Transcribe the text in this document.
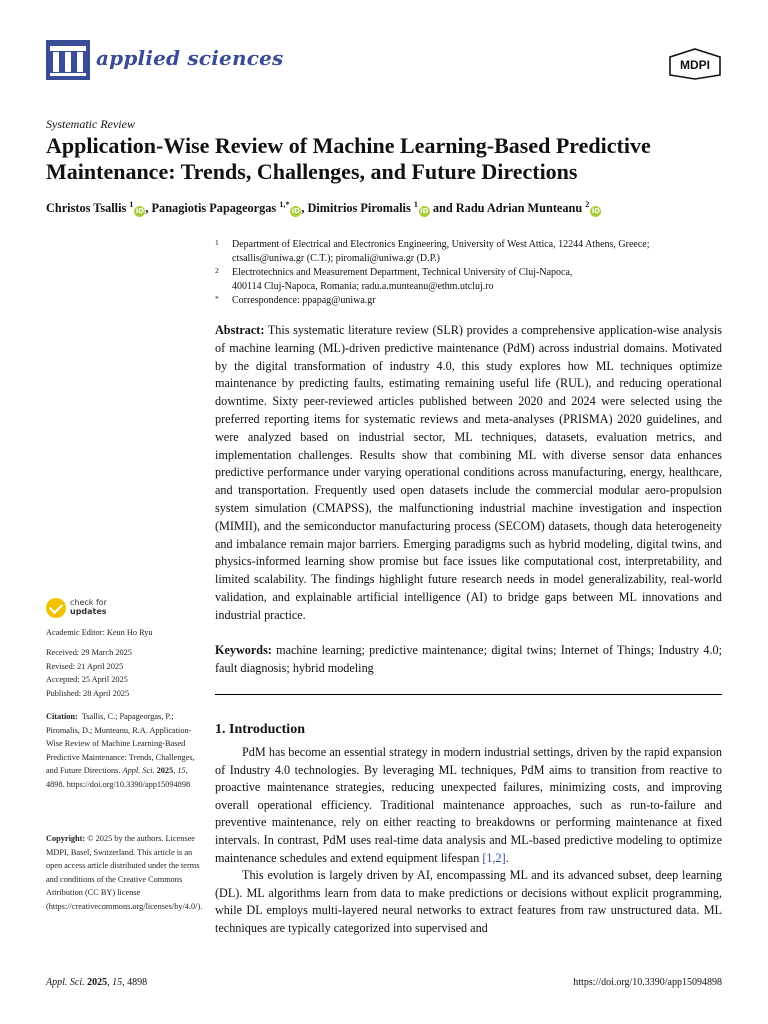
applied sciences	MDPI
Systematic Review
Application-Wise Review of Machine Learning-Based Predictive Maintenance: Trends, Challenges, and Future Directions
Christos Tsallis $^1$iD, Panagiotis Papageorgas $^{1,*}$iD, Dimitrios Piromalis $^1$iD and Radu Adrian Munteanu $^2$iD
1 Department of Electrical and Electronics Engineering, University of West Attica, 12244 Athens, Greece;
ctsallis@uniwa.gr (C.T.); piromali@uniwa.gr (D.P.)
2 Electrotechnics and Measurement Department, Technical University of Cluj-Napoca,
400114 Cluj-Napoca, Romania; radu.a.munteanu@ethm.utcluj.ro
* Correspondence: ppapag@uniwa.gr
Abstract: This systematic literature review (SLR) provides a comprehensive application-wise analysis of machine learning (ML)-driven predictive maintenance (PdM) across industrial domains. Motivated by the digital transformation of industry 4.0, this study explores how ML techniques optimize maintenance by predicting faults, estimating remaining useful life (RUL), and reducing operational downtime. Sixty peer-reviewed articles published between 2020 and 2024 were selected using the preferred reporting items for systematic reviews and meta-analyses (PRISMA) 2020 guidelines, and were analyzed based on industrial sector, ML techniques, datasets, evaluation metrics, and implementation challenges. Results show that combining ML with diverse sensor data enhances predictive performance under varying operational conditions across manufacturing, energy, healthcare, and transportation. Frequently used open datasets include the commercial modular aero-propulsion system simulation (CMAPSS), the malfunctioning industrial machine investigation and inspection (MIMII), and the semiconductor manufacturing process (SECOM) datasets, though data heterogeneity and imbalance remain major barriers. Emerging paradigms such as hybrid modeling, digital twins, and physics-informed learning show promise but face issues like computational cost, interpretability, and limited scalability. The findings highlight future research needs in model generalizability, real-world validation, and explainable artificial intelligence (AI) to bridge gaps between ML innovations and industrial practice.
Keywords: machine learning; predictive maintenance; digital twins; Internet of Things; Industry 4.0; fault diagnosis; hybrid modeling
1. Introduction

PdM has become an essential strategy in modern industrial settings, driven by the rapid expansion of Industry 4.0 technologies. By leveraging ML techniques, PdM aims to transition from reactive to proactive maintenance strategies, reducing unexpected failures, minimizing costs, and improving overall operational efficiency. Traditional maintenance approaches, such as run-to-failure and preventive maintenance, rely on either reacting to breakdowns or performing maintenance at fixed intervals. In contrast, PdM uses real-time data analysis and ML-based predictive modeling to optimize maintenance schedules and extend equipment lifespan [1,2].

This evolution is largely driven by AI, encompassing ML and its advanced subset, deep learning (DL). ML algorithms learn from data to make predictions or decisions without explicit programming, while DL employs multi-layered neural networks to extract features from raw unstructured data. ML techniques are typically categorized into supervised and

check for
updates
Academic Editor: Keun Ho Ryu
Received: 29 March 2025
Revised: 21 April 2025
Accepted: 25 April 2025
Published: 28 April 2025
Citation: Tsallis, C.; Papageorgas, P.; Piromalis, D.; Munteanu, R.A. Application-Wise Review of Machine Learning-Based Predictive Maintenance: Trends, Challenges, and Future Directions. Appl. Sci. 2025, 15, 4898. https://doi.org/10.3390/app15094898
Copyright: © 2025 by the authors. Licensee MDPI, Basel, Switzerland. This article is an open access article distributed under the terms and conditions of the Creative Commons Attribution (CC BY) license (https://creativecommons.org/licenses/by/4.0/).
Appl. Sci. 2025, 15, 4898	https://doi.org/10.3390/app15094898
